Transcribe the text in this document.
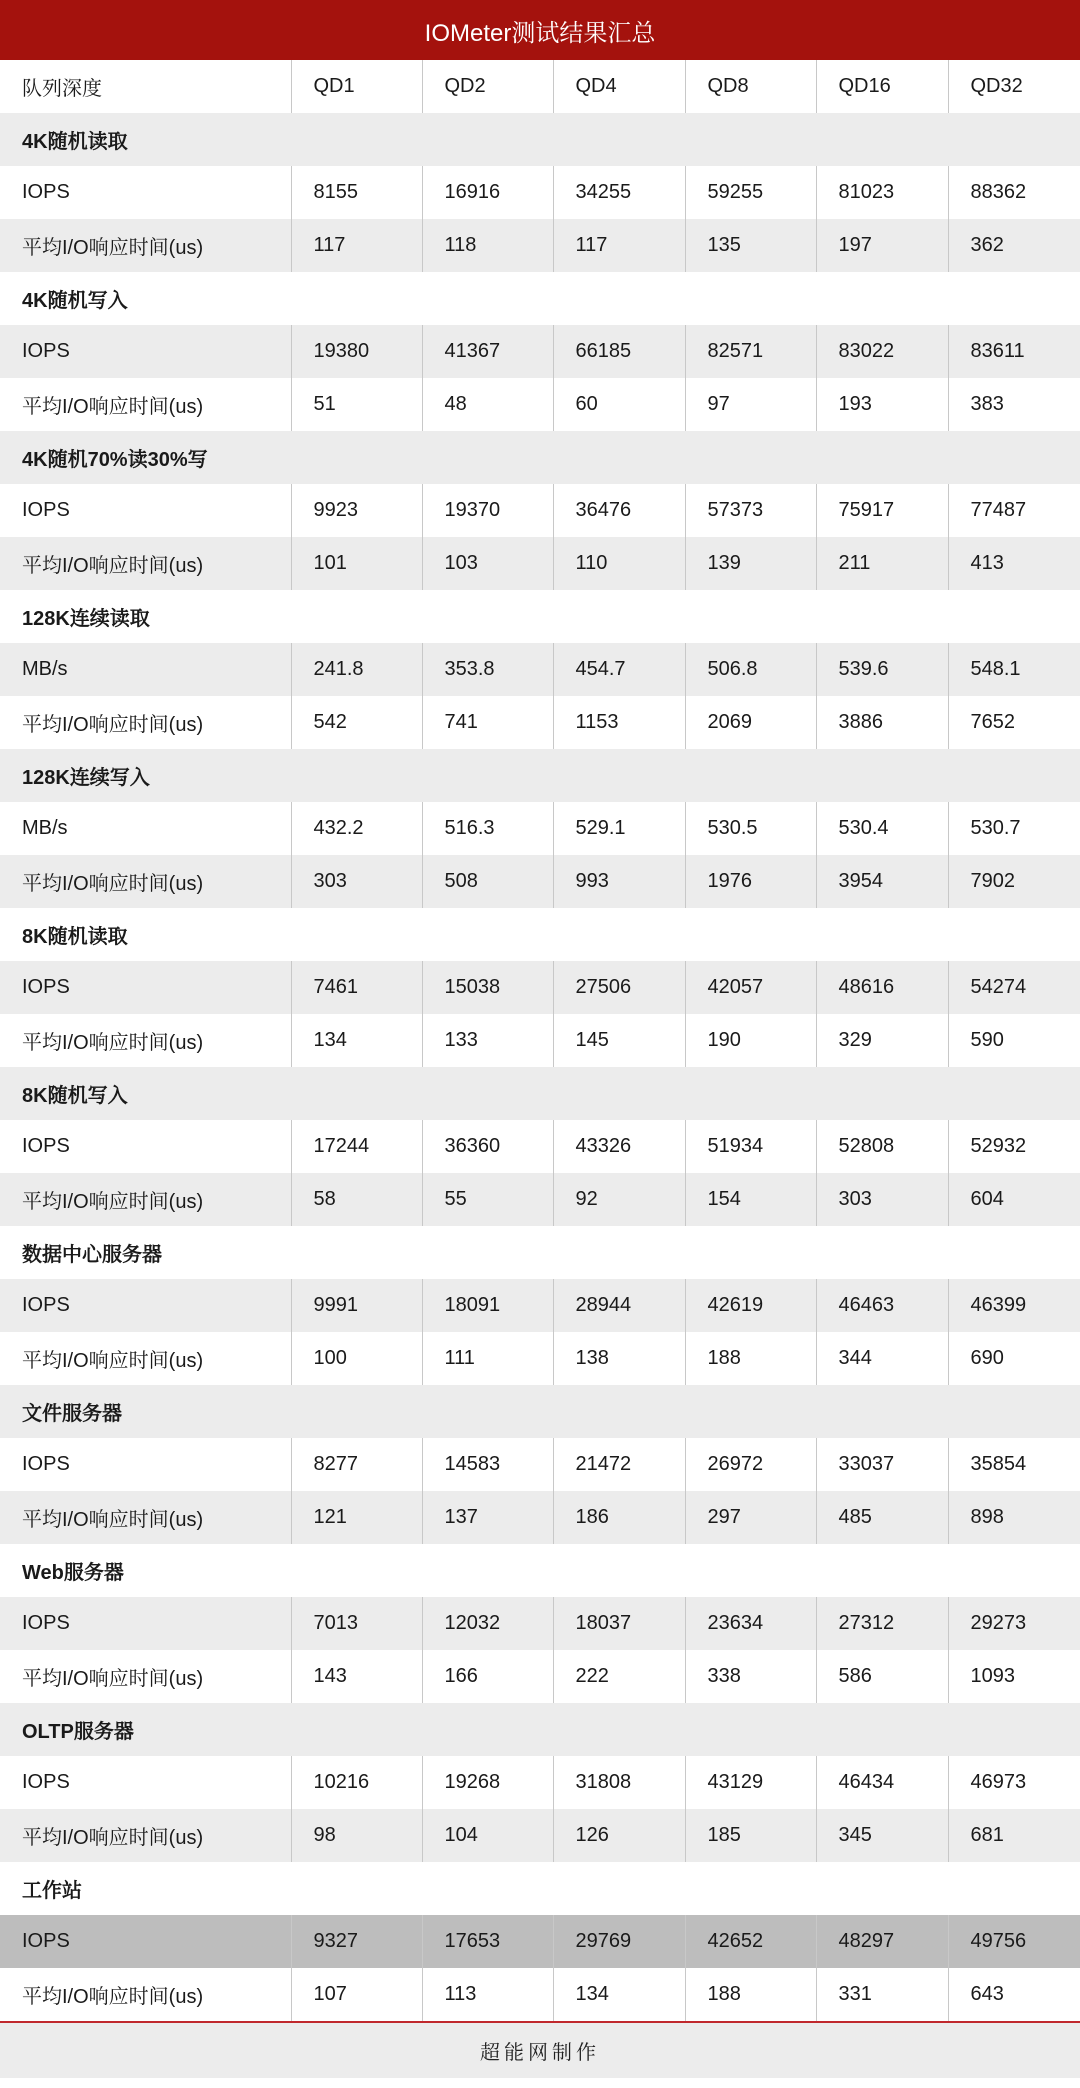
IOMeter测试结果汇总
队列深度	QD1	QD2	QD4	QD8	QD16	QD32
4K随机读取						
IOPS	8155	16916	34255	59255	81023	88362
平均I/O响应时间(us)	117	118	117	135	197	362
4K随机写入						
IOPS	19380	41367	66185	82571	83022	83611
平均I/O响应时间(us)	51	48	60	97	193	383
4K随机70%读30%写						
IOPS	9923	19370	36476	57373	75917	77487
平均I/O响应时间(us)	101	103	110	139	211	413
128K连续读取						
MB/s	241.8	353.8	454.7	506.8	539.6	548.1
平均I/O响应时间(us)	542	741	1153	2069	3886	7652
128K连续写入						
MB/s	432.2	516.3	529.1	530.5	530.4	530.7
平均I/O响应时间(us)	303	508	993	1976	3954	7902
8K随机读取						
IOPS	7461	15038	27506	42057	48616	54274
平均I/O响应时间(us)	134	133	145	190	329	590
8K随机写入						
IOPS	17244	36360	43326	51934	52808	52932
平均I/O响应时间(us)	58	55	92	154	303	604
数据中心服务器						
IOPS	9991	18091	28944	42619	46463	46399
平均I/O响应时间(us)	100	111	138	188	344	690
文件服务器						
IOPS	8277	14583	21472	26972	33037	35854
平均I/O响应时间(us)	121	137	186	297	485	898
Web服务器						
IOPS	7013	12032	18037	23634	27312	29273
平均I/O响应时间(us)	143	166	222	338	586	1093
OLTP服务器						
IOPS	10216	19268	31808	43129	46434	46973
平均I/O响应时间(us)	98	104	126	185	345	681
工作站						
IOPS	9327	17653	29769	42652	48297	49756
平均I/O响应时间(us)	107	113	134	188	331	643
超能网制作
